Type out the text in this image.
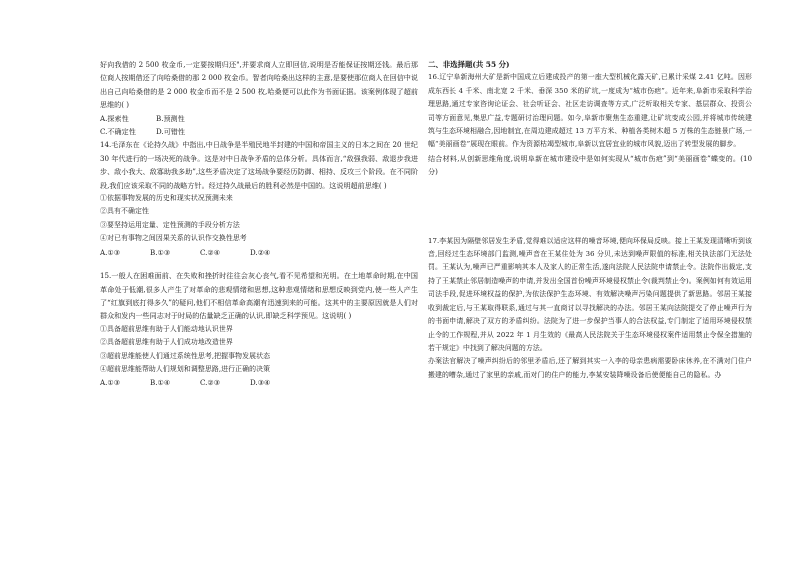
好向我借的 2 500 枚金币,一定要按期归还",并要求商人立即回信,说明是否能保证按期还钱。最后那位商人按期借还了向哈桑借的那 2 000 枚金币。智者向哈桑出这样的主意,是要使那位商人在回信中说出自己向哈桑借的是 2 000 枚金币而不是 2 500 枚,哈桑便可以此作为书面证据。该案例体现了超前思维的( )

A.探索性	B.预测性
C.不确定性	D.可错性

14.毛泽东在《论持久战》中指出,中日战争是半殖民地半封建的中国和帝国主义的日本之间在 20 世纪 30 年代进行的一场决死的战争。这是对中日战争矛盾的总体分析。具体而言,“敌强我弱、敌退步我进步、敌小我大、敌寡助我多助”,这些矛盾决定了这场战争要经历防御、相持、反攻三个阶段。在不同阶段,我们应该采取不同的战略方针。经过持久战最后的胜利必然是中国的。这说明超前思维( )

①依据事物发展的历史和现实状况预测未来

②具有不确定性

③要坚持运用定量、定性预测的手段分析方法

④对已有事物之间因果关系的认识作交换性思考

A.①③	B.①③	C.②④	D.②④

15.一般人在困难面前、在失败和挫折时往往会灰心丧气,看不见希望和光明。在土地革命时期,在中国革命处于低潮,很多人产生了对革命的悲观情绪和思想,这种悲观情绪和思想反映到党内,使一些人产生了“红旗到底打得多久”的疑问,他们不相信革命高潮有迅速到来的可能。这其中的主要原因就是人们对群众和发内一些同志对于时局的估量缺乏正确的认识,即缺乏科学预见。这说明( )

①具备超前思维有助于人们能动地认识世界

②具备超前思维有助于人们成功地改造世界

③超前思维能使人们通过系统性思考,把握事物发展状态

④超前思维能帮助人们规划和调整思路,进行正确的决策

A.①③	B.①④	C.②③	D.③④

二、非选择题(共 55 分)

16.辽宁阜新海州大矿是新中国成立后建成投产的第一座大型机械化露天矿,已累计采煤 2.41 亿吨。因形成东西长 4 千米、南北宽 2 千米、垂深 350 米的矿坑,一度成为“城市伤疤”。近年来,阜新市采取科学治理思路,通过专家咨询论证会、社会听证会、社区走访调查等方式,广泛听取相关专家、基层群众、投资公司等方面意见,集思广益,专题研讨治理问题。如今,阜新市聚焦生态重建,让矿坑变成公园,并将城市传统建筑与生态环境相融合,因地制宜,在周边建成超过 13 万平方米、种植各类树木超 5 万株的生态链景广场,一幅“美丽画卷”展现在眼前。作为资源枯竭型城市,阜新以宜居宜业的城市风貌,迈出了转型发展的脚步。

结合材料,从创新思维角度,说明阜新在城市建设中是如何实现从“城市伤疤”到“美丽画卷”蝶变的。(10 分)

17.李某因为隔壁邻居发生矛盾,觉得难以适应这样的噪音环境,便向环保局反映。接上王某发现清晰听到该音,回经过生态环境部门监测,噪声音在王某住处为 36 分贝,未达到噪声限值的标准,相关执法部门无法处罚。王某认为,噪声已严重影响其本人及家人的正常生活,遂向法院人民法院申请禁止令。法院作出裁定,支持了王某禁止邻居制造噪声的申请,并发出全国首份噪声环境侵权禁止令(裁判禁止令)。案例如何有效运用司法手段,促进环境权益的保护,为依法保护生态环境、有效解决噪声污染问题提供了新思路。邻居王某接收到裁定后,与王某取得联系,通过与其一直商讨以寻找解决的办法。邻居王某向法院提交了停止噪声行为的书面申请,解决了双方的矛盾纠纷。法院为了进一步保护当事人的合法权益,专门制定了适用环境侵权禁止令的工作规程,并从 2022 年 1 月生效的《最高人民法院关于生态环境侵权案件适用禁止令保全措施的若干规定》中找到了解决问题的方法。

办案法官解决了噪声纠纷后的邻里矛盾后,还了解到其实一入李的母亲患病需要卧床休养,在不满对门住户搬建的嘈杂,通过了家里的亲戚,而对门的住户的能力,李某安装降噪设备后使便能自己的隐私。办
